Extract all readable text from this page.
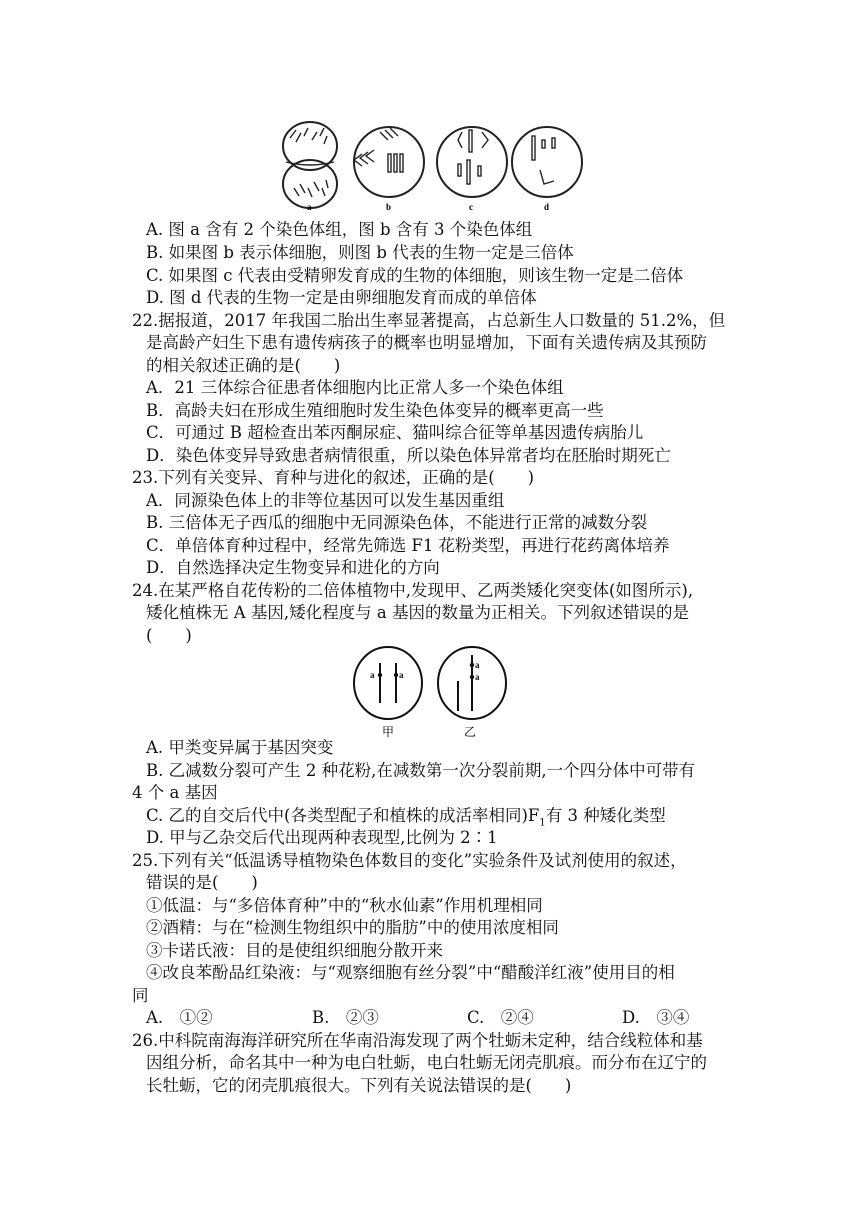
a	b	c	d
A. 图 a 含有 2 个染色体组，图 b 含有 3 个染色体组
B. 如果图 b 表示体细胞，则图 b 代表的生物一定是三倍体
C. 如果图 c 代表由受精卵发育成的生物的体细胞，则该生物一定是二倍体
D. 图 d 代表的生物一定是由卵细胞发育而成的单倍体
22.据报道，2017 年我国二胎出生率显著提高，占总新生人口数量的 51.2%，但
是高龄产妇生下患有遗传病孩子的概率也明显增加，下面有关遗传病及其预防
的相关叙述正确的是(　　)
A．21 三体综合征患者体细胞内比正常人多一个染色体组
B．高龄夫妇在形成生殖细胞时发生染色体变异的概率更高一些
C．可通过 B 超检查出苯丙酮尿症、猫叫综合征等单基因遗传病胎儿
D．染色体变异导致患者病情很重，所以染色体异常者均在胚胎时期死亡
23.下列有关变异、育种与进化的叙述，正确的是(　　)
A．同源染色体上的非等位基因可以发生基因重组
B. 三倍体无子西瓜的细胞中无同源染色体，不能进行正常的减数分裂
C．单倍体育种过程中，经常先筛选 F1 花粉类型，再进行花药离体培养
D．自然选择决定生物变异和进化的方向
24.在某严格自花传粉的二倍体植物中,发现甲、乙两类矮化突变体(如图所示),
矮化植株无 A 基因,矮化程度与 a 基因的数量为正相关。下列叙述错误的是
(　　)
a	a
a
a
甲	乙
A. 甲类变异属于基因突变
B. 乙减数分裂可产生 2 种花粉,在减数第一次分裂前期,一个四分体中可带有
4 个 a 基因
C. 乙的自交后代中(各类型配子和植株的成活率相同)$F_1$有 3 种矮化类型
D. 甲与乙杂交后代出现两种表现型,比例为 2∶1
25.下列有关“低温诱导植物染色体数目的变化”实验条件及试剂使用的叙述，
错误的是(　　)
①低温：与“多倍体育种”中的“秋水仙素”作用机理相同
②酒精：与在“检测生物组织中的脂肪”中的使用浓度相同
③卡诺氏液：目的是使组织细胞分散开来
④改良苯酚品红染液：与“观察细胞有丝分裂”中“醋酸洋红液”使用目的相
同
A.　①②	B.　②③	C.　②④	D.　③④
26.中科院南海海洋研究所在华南沿海发现了两个牡蛎未定种，结合线粒体和基
因组分析，命名其中一种为电白牡蛎，电白牡蛎无闭壳肌痕。而分布在辽宁的
长牡蛎，它的闭壳肌痕很大。下列有关说法错误的是(　　)
